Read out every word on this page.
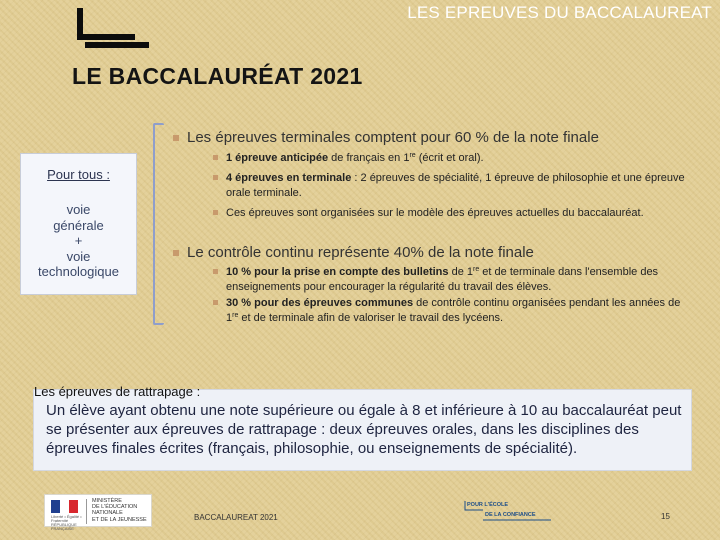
LES EPREUVES DU BACCALAUREAT
LE BACCALAURÉAT 2021
Pour tous :
voie
générale
+
voie
technologique
Les épreuves terminales comptent pour 60 % de la note finale
1 épreuve anticipée de français en 1re (écrit et oral).
4 épreuves en terminale : 2 épreuves de spécialité, 1 épreuve de philosophie et une épreuve orale terminale.
Ces épreuves sont organisées sur le modèle des épreuves actuelles du baccalauréat.
Le contrôle continu représente 40% de la note finale
10 % pour la prise en compte des bulletins de 1re et de terminale dans l'ensemble des enseignements pour encourager la régularité du travail des élèves.
30 % pour des épreuves communes de contrôle continu organisées pendant les années de 1re et de terminale afin de valoriser le travail des lycéens.
Un élève ayant obtenu une note supérieure ou égale à 8 et inférieure à 10 au baccalauréat peut se présenter aux épreuves de rattrapage : deux épreuves orales, dans les disciplines des épreuves finales écrites (français, philosophie, ou enseignements de spécialité).
Les épreuves de rattrapage :
Liberté • Égalité • Fraternité RÉPUBLIQUE FRANÇAISE
MINISTÈRE
DE L'ÉDUCATION
NATIONALE
ET DE LA JEUNESSE	BACCALAUREAT 2021
POUR L'ÉCOLE
DE LA CONFIANCE	15
